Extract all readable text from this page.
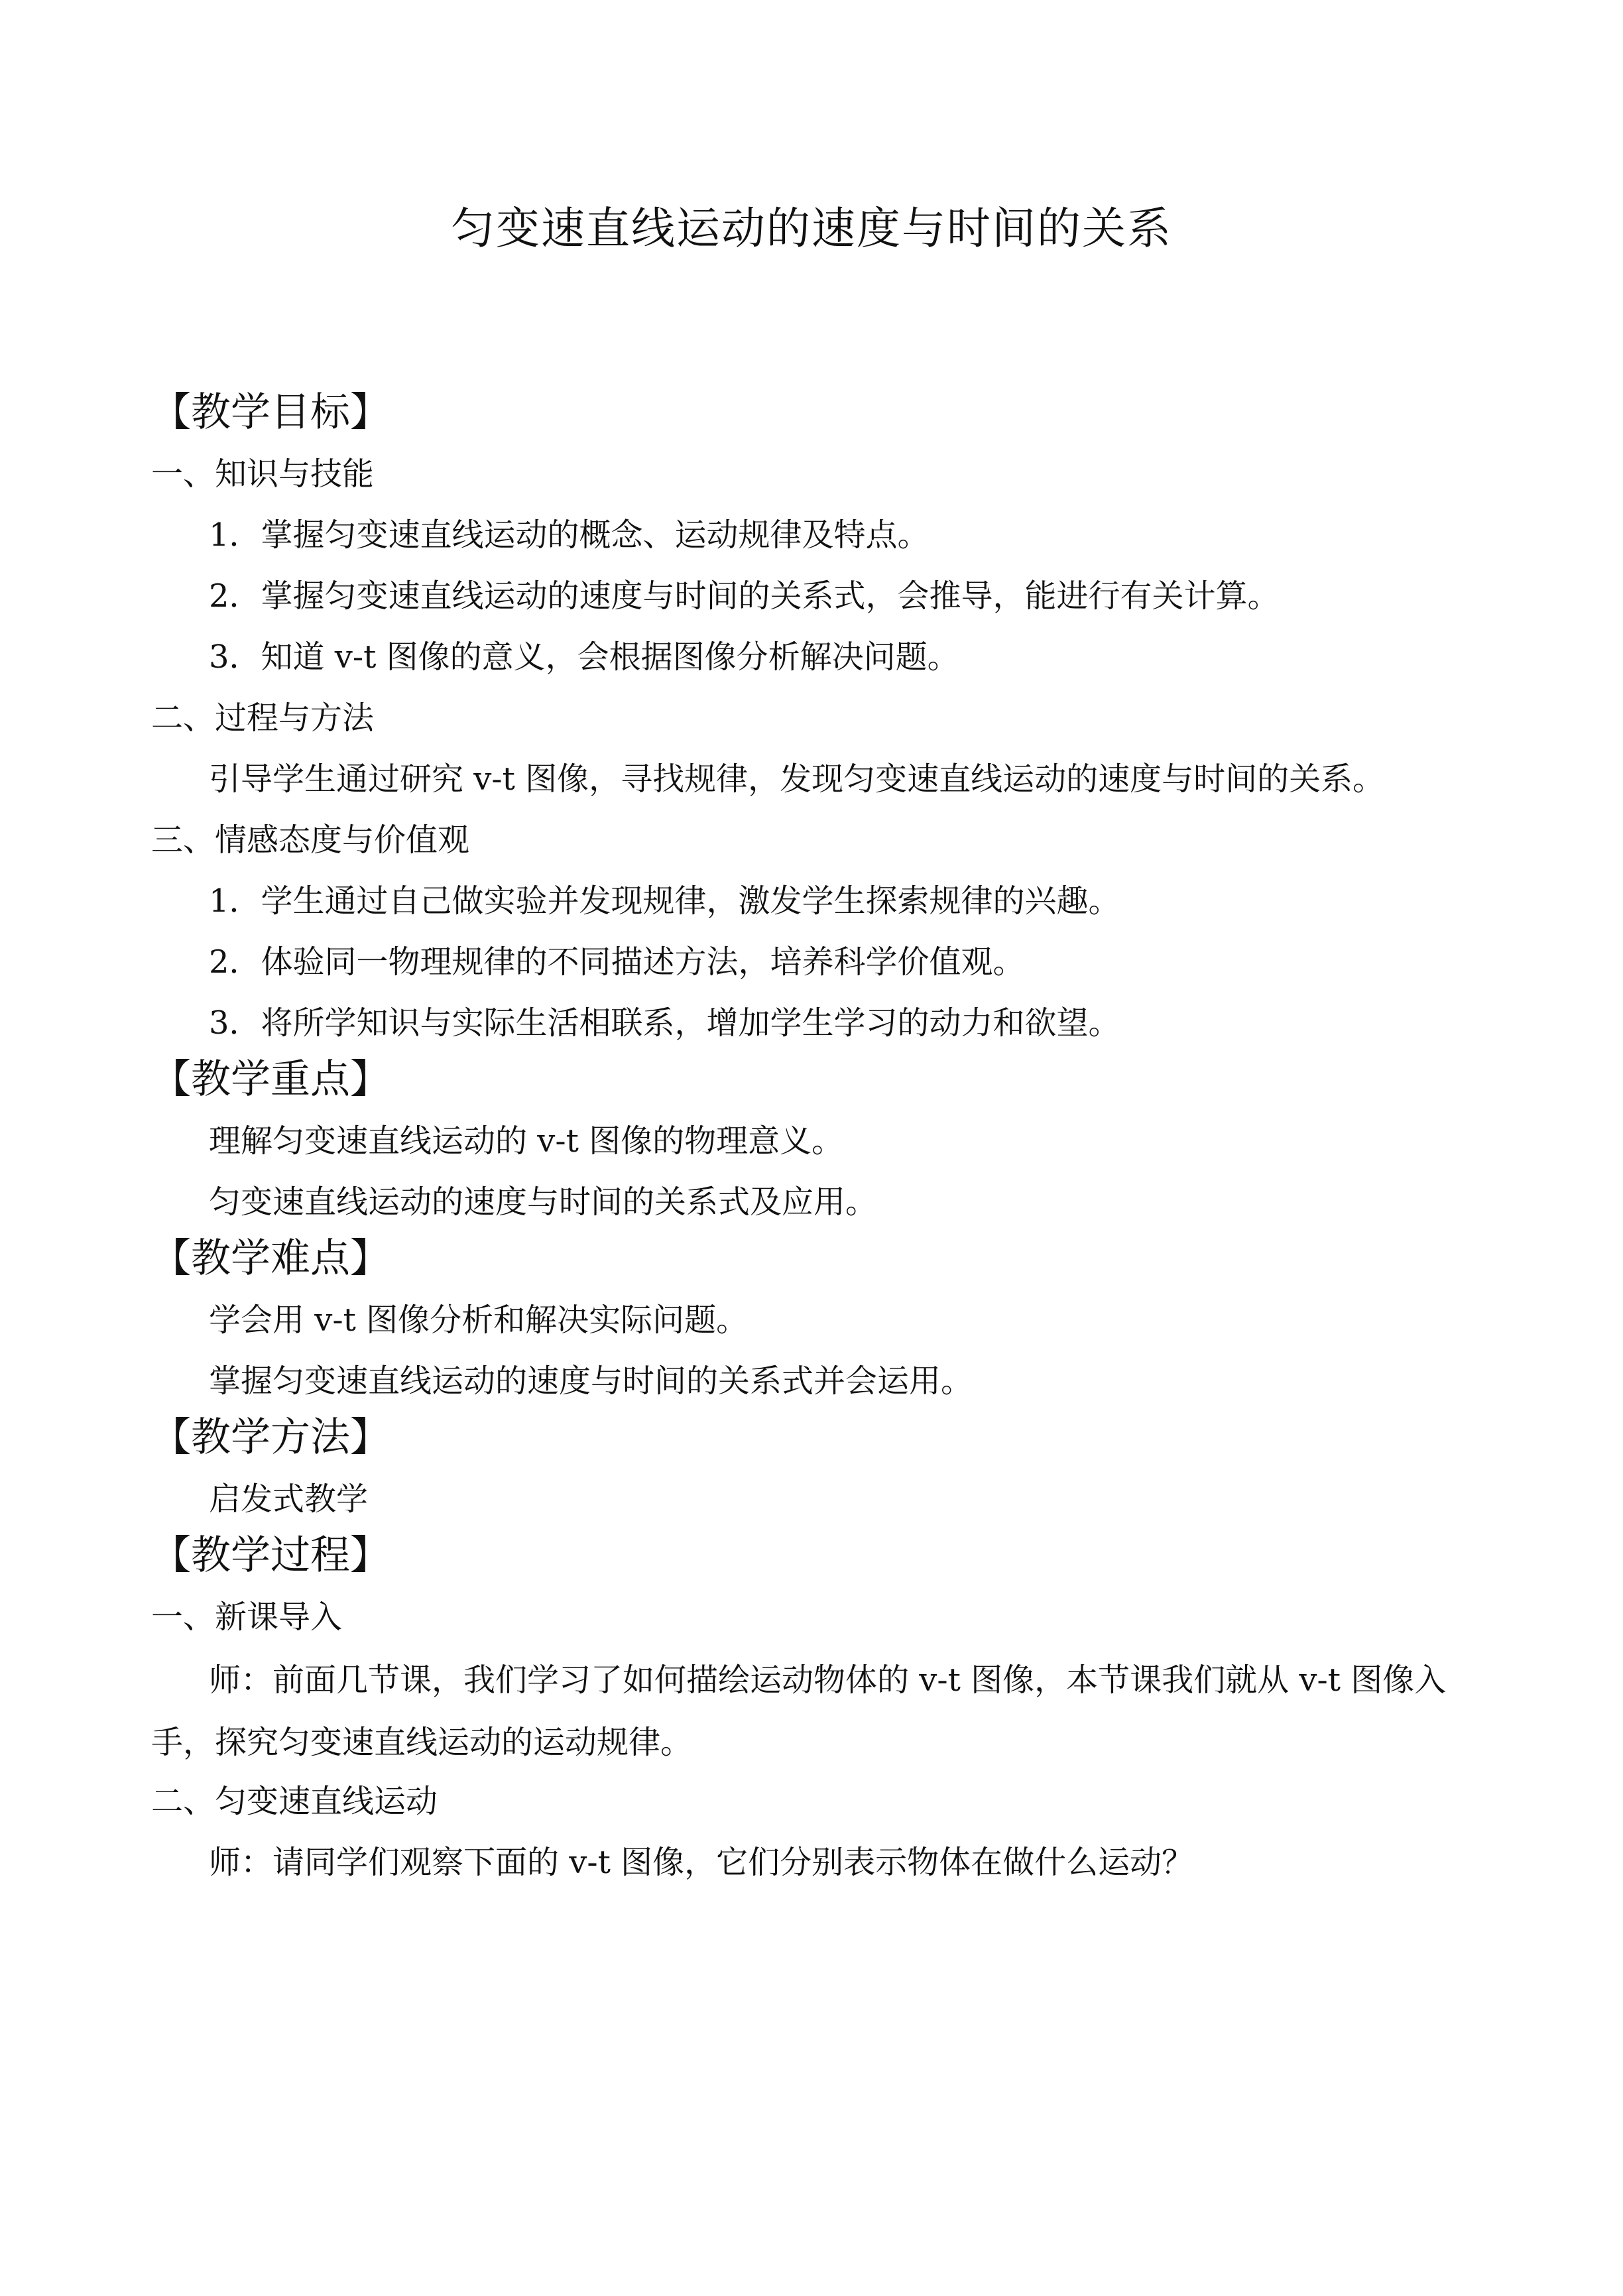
匀变速直线运动的速度与时间的关系
【教学目标】
一、知识与技能
1．掌握匀变速直线运动的概念、运动规律及特点。
2．掌握匀变速直线运动的速度与时间的关系式，会推导，能进行有关计算。
3．知道 v-t 图像的意义，会根据图像分析解决问题。
二、过程与方法
引导学生通过研究 v-t 图像，寻找规律，发现匀变速直线运动的速度与时间的关系。
三、情感态度与价值观
1．学生通过自己做实验并发现规律，激发学生探索规律的兴趣。
2．体验同一物理规律的不同描述方法，培养科学价值观。
3．将所学知识与实际生活相联系，增加学生学习的动力和欲望。
【教学重点】
理解匀变速直线运动的 v-t 图像的物理意义。
匀变速直线运动的速度与时间的关系式及应用。
【教学难点】
学会用 v-t 图像分析和解决实际问题。
掌握匀变速直线运动的速度与时间的关系式并会运用。
【教学方法】
启发式教学
【教学过程】
一、新课导入
师：前面几节课，我们学习了如何描绘运动物体的 v-t 图像，本节课我们就从 v-t 图像入手，探究匀变速直线运动的运动规律。
二、匀变速直线运动
师：请同学们观察下面的 v-t 图像，它们分别表示物体在做什么运动？
